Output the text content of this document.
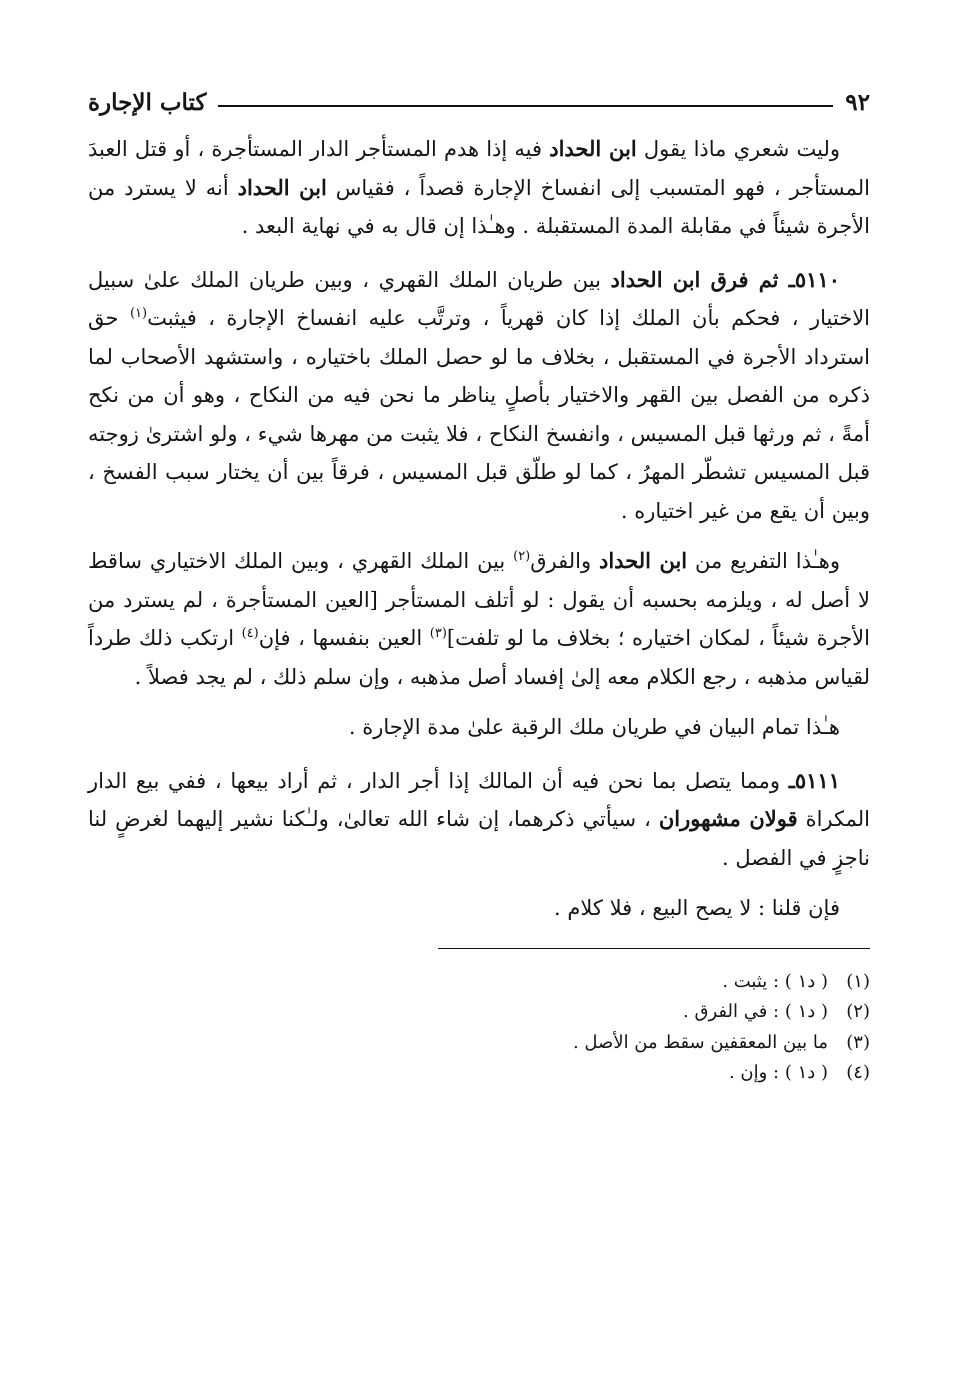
٩٢
كتاب الإجارة

وليت شعري ماذا يقول ابن الحداد فيه إذا هدم المستأجر الدار المستأجرة ، أو قتل العبدَ المستأجر ، فهو المتسبب إلى انفساخ الإجارة قصداً ، فقياس ابن الحداد أنه لا يسترد من الأجرة شيئاً في مقابلة المدة المستقبلة . وهـٰذا إن قال به في نهاية البعد .

٥١١٠ـ ثم فرق ابن الحداد بين طريان الملك القهري ، وبين طريان الملك علىٰ سبيل الاختيار ، فحكم بأن الملك إذا كان قهرياً ، وترتَّب عليه انفساخ الإجارة ، فيثبت$^{(١)}$ حق استرداد الأجرة في المستقبل ، بخلاف ما لو حصل الملك باختياره ، واستشهد الأصحاب لما ذكره من الفصل بين القهر والاختيار بأصلٍ يناظر ما نحن فيه من النكاح ، وهو أن من نكح أمةً ، ثم ورثها قبل المسيس ، وانفسخ النكاح ، فلا يثبت من مهرها شيء ، ولو اشترىٰ زوجته قبل المسيس تشطّر المهرُ ، كما لو طلّق قبل المسيس ، فرقاً بين أن يختار سبب الفسخ ، وبين أن يقع من غير اختياره .

وهـٰذا التفريع من ابن الحداد والفرق$^{(٢)}$ بين الملك القهري ، وبين الملك الاختياري ساقط لا أصل له ، ويلزمه بحسبه أن يقول : لو أتلف المستأجر [العين المستأجرة ، لم يسترد من الأجرة شيئاً ، لمكان اختياره ؛ بخلاف ما لو تلفت]$^{(٣)}$ العين بنفسها ، فإن$^{(٤)}$ ارتكب ذلك طرداً لقياس مذهبه ، رجع الكلام معه إلىٰ إفساد أصل مذهبه ، وإن سلم ذلك ، لم يجد فصلاً .

هـٰذا تمام البيان في طريان ملك الرقبة علىٰ مدة الإجارة .

٥١١١ـ ومما يتصل بما نحن فيه أن المالك إذا أجر الدار ، ثم أراد بيعها ، ففي بيع الدار المكراة قولان مشهوران ، سيأتي ذكرهما، إن شاء الله تعالىٰ، ولـٰكنا نشير إليهما لغرضٍ لنا ناجزٍ في الفصل .

فإن قلنا : لا يصح البيع ، فلا كلام .

(١)
( د١ ) : يثبت .
(٢)
( د١ ) : في الفرق .
(٣)
ما بين المعقفين سقط من الأصل .
(٤)
( د١ ) : وإن .
